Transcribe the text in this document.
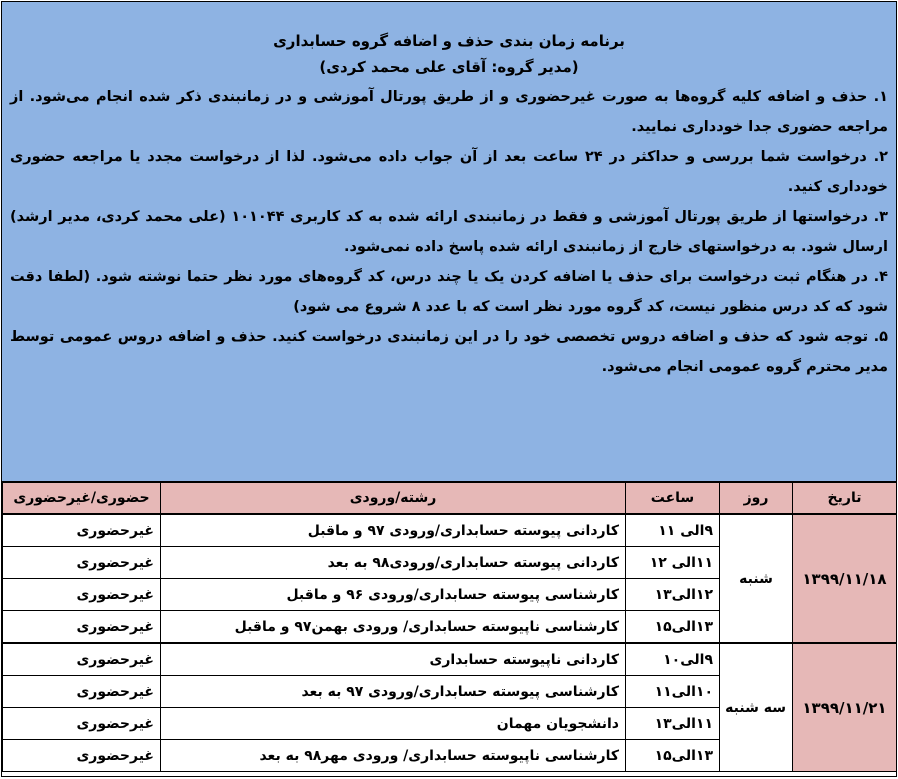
برنامه زمان بندی حذف و اضافه گروه حسابداری

(مدیر گروه: آقای علی محمد کردی)

۱. حذف و اضافه کلیه گروه‌ها به صورت غیرحضوری و از طریق پورتال آموزشی و در زمانبندی ذکر شده انجام می‌شود. از مراجعه حضوری جدا خودداری نمایید.

۲. درخواست شما بررسی و حداکثر در ۲۴ ساعت بعد از آن جواب داده می‌شود. لذا از درخواست مجدد یا مراجعه حضوری خودداری کنید.

۳. درخواستها از طریق پورتال آموزشی و فقط در زمانبندی ارائه شده به کد کاربری ۱۰۱۰۴۴ (علی محمد کردی، مدیر ارشد) ارسال شود. به درخواستهای خارج از زمانبندی ارائه شده پاسخ داده نمی‌شود.

۴. در هنگام ثبت درخواست برای حذف یا اضافه کردن یک یا چند درس، کد گروه‌های مورد نظر حتما نوشته شود. (لطفا دقت شود که کد درس منظور نیست، کد گروه مورد نظر است که با عدد ۸ شروع می شود)

۵. توجه شود که حذف و اضافه دروس تخصصی خود را در این زمانبندی درخواست کنید. حذف و اضافه دروس عمومی توسط مدیر محترم گروه عمومی انجام می‌شود.

تاریخ	روز	ساعت	رشته/ورودی	حضوری/غیرحضوری
۱۳۹۹/۱۱/۱۸	شنبه	۹الی ۱۱	کاردانی پیوسته حسابداری/ورودی ۹۷ و ماقبل	غیرحضوری
		۱۱الی ۱۲	کاردانی پیوسته حسابداری/ورودی۹۸ به بعد	غیرحضوری
		۱۲الی۱۳	کارشناسی پیوسته حسابداری/ورودی ۹۶ و ماقبل	غیرحضوری
		۱۳الی۱۵	کارشناسی ناپیوسته حسابداری/ ورودی بهمن۹۷ و ماقبل	غیرحضوری
۱۳۹۹/۱۱/۲۱	سه شنبه	۹الی۱۰	کاردانی ناپیوسته حسابداری	غیرحضوری
		۱۰الی۱۱	کارشناسی پیوسته حسابداری/ورودی ۹۷ به بعد	غیرحضوری
		۱۱الی۱۳	دانشجویان مهمان	غیرحضوری
		۱۳الی۱۵	کارشناسی ناپیوسته حسابداری/ ورودی مهر۹۸ به بعد	غیرحضوری
